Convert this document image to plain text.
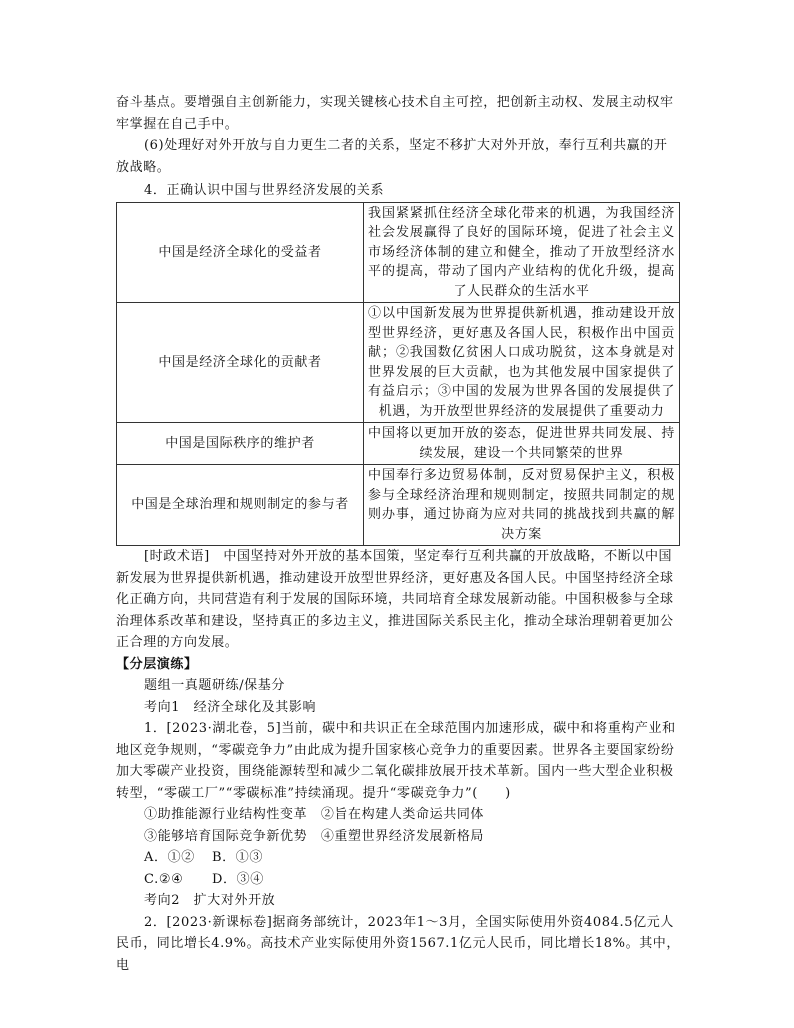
奋斗基点。要增强自主创新能力，实现关键核心技术自主可控，把创新主动权、发展主动权牢牢掌握在自己手中。

(6)处理好对外开放与自力更生二者的关系，坚定不移扩大对外开放，奉行互利共赢的开放战略。

4．正确认识中国与世界经济发展的关系

中国是经济全球化的受益者	我国紧紧抓住经济全球化带来的机遇，为我国经济社会发展赢得了良好的国际环境，促进了社会主义市场经济体制的建立和健全，推动了开放型经济水平的提高，带动了国内产业结构的优化升级，提高了人民群众的生活水平
中国是经济全球化的贡献者	①以中国新发展为世界提供新机遇，推动建设开放型世界经济，更好惠及各国人民，积极作出中国贡献；②我国数亿贫困人口成功脱贫，这本身就是对世界发展的巨大贡献，也为其他发展中国家提供了有益启示；③中国的发展为世界各国的发展提供了机遇，为开放型世界经济的发展提供了重要动力
中国是国际秩序的维护者	中国将以更加开放的姿态，促进世界共同发展、持续发展，建设一个共同繁荣的世界
中国是全球治理和规则制定的参与者	中国奉行多边贸易体制，反对贸易保护主义，积极参与全球经济治理和规则制定，按照共同制定的规则办事，通过协商为应对共同的挑战找到共赢的解决方案

[时政术语]　中国坚持对外开放的基本国策，坚定奉行互利共赢的开放战略，不断以中国新发展为世界提供新机遇，推动建设开放型世界经济，更好惠及各国人民。中国坚持经济全球化正确方向，共同营造有利于发展的国际环境，共同培育全球发展新动能。中国积极参与全球治理体系改革和建设，坚持真正的多边主义，推进国际关系民主化，推动全球治理朝着更加公正合理的方向发展。

【分层演练】

题组一真题研练/保基分

考向1　经济全球化及其影响

1．[2023·湖北卷，5]当前，碳中和共识正在全球范围内加速形成，碳中和将重构产业和地区竞争规则，“零碳竞争力”由此成为提升国家核心竞争力的重要因素。世界各主要国家纷纷加大零碳产业投资，围绕能源转型和减少二氧化碳排放展开技术革新。国内一些大型企业积极转型，“零碳工厂”“零碳标准”持续涌现。提升“零碳竞争力”(　　)

①助推能源行业结构性变革　 ②旨在构建人类命运共同体

③能够培育国际竞争新优势　 ④重塑世界经济发展新格局

A．①② B．①③

C.②④ D．③④

考向2　扩大对外开放

2．[2023·新课标卷]据商务部统计，2023年1～3月，全国实际使用外资4084.5亿元人民币，同比增长4.9%。高技术产业实际使用外资1567.1亿元人民币，同比增长18%。其中，电
